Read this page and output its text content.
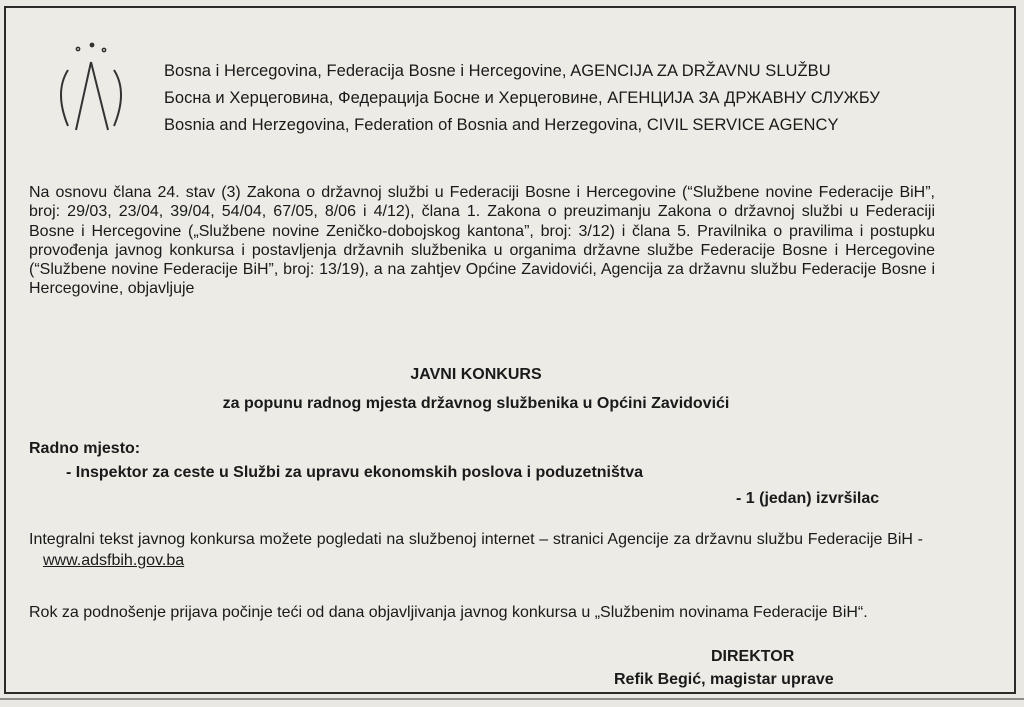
Bosna i Hercegovina, Federacija Bosne i Hercegovine, AGENCIJA ZA DRŽAVNU SLUŽBU
Босна и Херцеговина, Федерација Босне и Херцеговине, АГЕНЦИЈА ЗА ДРЖАВНУ СЛУЖБУ
Bosnia and Herzegovina, Federation of Bosnia and Herzegovina, CIVIL SERVICE AGENCY
Na osnovu člana 24. stav (3) Zakona o državnoj službi u Federaciji Bosne i Hercegovine (“Službene novine Federacije BiH”, broj: 29/03, 23/04, 39/04, 54/04, 67/05, 8/06 i 4/12), člana 1. Zakona o preuzimanju Zakona o državnoj službi u Federaciji Bosne i Hercegovine („Službene novine Zeničko-dobojskog kantona”, broj: 3/12) i člana 5. Pravilnika o pravilima i postupku provođenja javnog konkursa i postavljenja državnih službenika u organima državne službe Federacije Bosne i Hercegovine (“Službene novine Federacije BiH”, broj: 13/19), a na zahtjev Općine Zavidovići, Agencija za državnu službu Federacije Bosne i Hercegovine, objavljuje
JAVNI KONKURS
za popunu radnog mjesta državnog službenika u Općini Zavidovići
Radno mjesto:
- Inspektor za ceste u Službi za upravu ekonomskih poslova i poduzetništva
- 1 (jedan) izvršilac
Integralni tekst javnog konkursa možete pogledati na službenoj internet – stranici Agencije za državnu službu Federacije BiH -www.adsfbih.gov.ba
Rok za podnošenje prijava počinje teći od dana objavljivanja javnog konkursa u „Službenim novinama Federacije BiH“.
DIREKTOR
Refik Begić, magistar uprave
